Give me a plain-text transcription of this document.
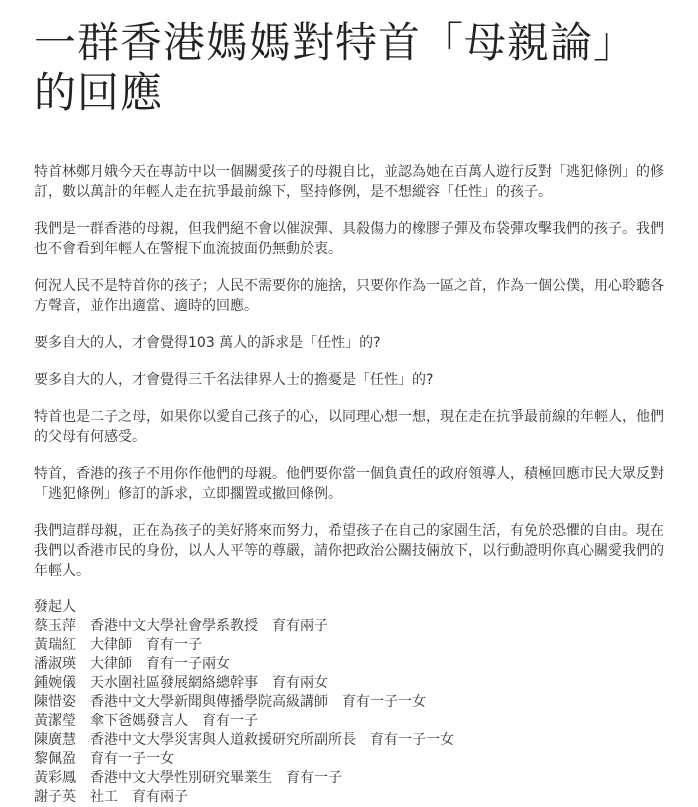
一群香港媽媽對特首「母親論」的回應

特首林鄭月娥今天在專訪中以一個關愛孩子的母親自比，並認為她在百萬人遊行反對「逃犯條例」的修訂，數以萬計的年輕人走在抗爭最前線下，堅持修例，是不想縱容「任性」的孩子。

我們是一群香港的母親，但我們絕不會以催淚彈、具殺傷力的橡膠子彈及布袋彈攻擊我們的孩子。我們也不會看到年輕人在警棍下血流披面仍無動於衷。

何況人民不是特首你的孩子；人民不需要你的施捨，只要你作為一區之首，作為一個公僕，用心聆聽各方聲音，並作出適當、適時的回應。

要多自大的人，才會覺得103 萬人的訴求是「任性」的?

要多自大的人，才會覺得三千名法律界人士的擔憂是「任性」的?

特首也是二子之母，如果你以愛自己孩子的心，以同理心想一想，現在走在抗爭最前線的年輕人，他們的父母有何感受。

特首，香港的孩子不用你作他們的母親。他們要你當一個負責任的政府領導人，積極回應市民大眾反對「逃犯條例」修訂的訴求，立即擱置或撤回條例。

我們這群母親，正在為孩子的美好將來而努力，希望孩子在自己的家園生活，有免於恐懼的自由。現在我們以香港市民的身份，以人人平等的尊嚴，請你把政治公關技倆放下，以行動證明你真心關愛我們的年輕人。

發起人
蔡玉萍 香港中文大學社會學系教授 育有兩子
黃瑞紅 大律師 育有一子
潘淑瑛 大律師 育有一子兩女
鍾婉儀 天水圍社區發展網絡總幹事 育有兩女
陳惜姿 香港中文大學新聞與傳播學院高級講師 育有一子一女
黃潔瑩 傘下爸媽發言人 育有一子
陳廣慧 香港中文大學災害與人道救援研究所副所長 育有一子一女
黎佩盈 育有一子一女
黃彩鳳 香港中文大學性別研究畢業生 育有一子
謝子英 社工 育有兩子
